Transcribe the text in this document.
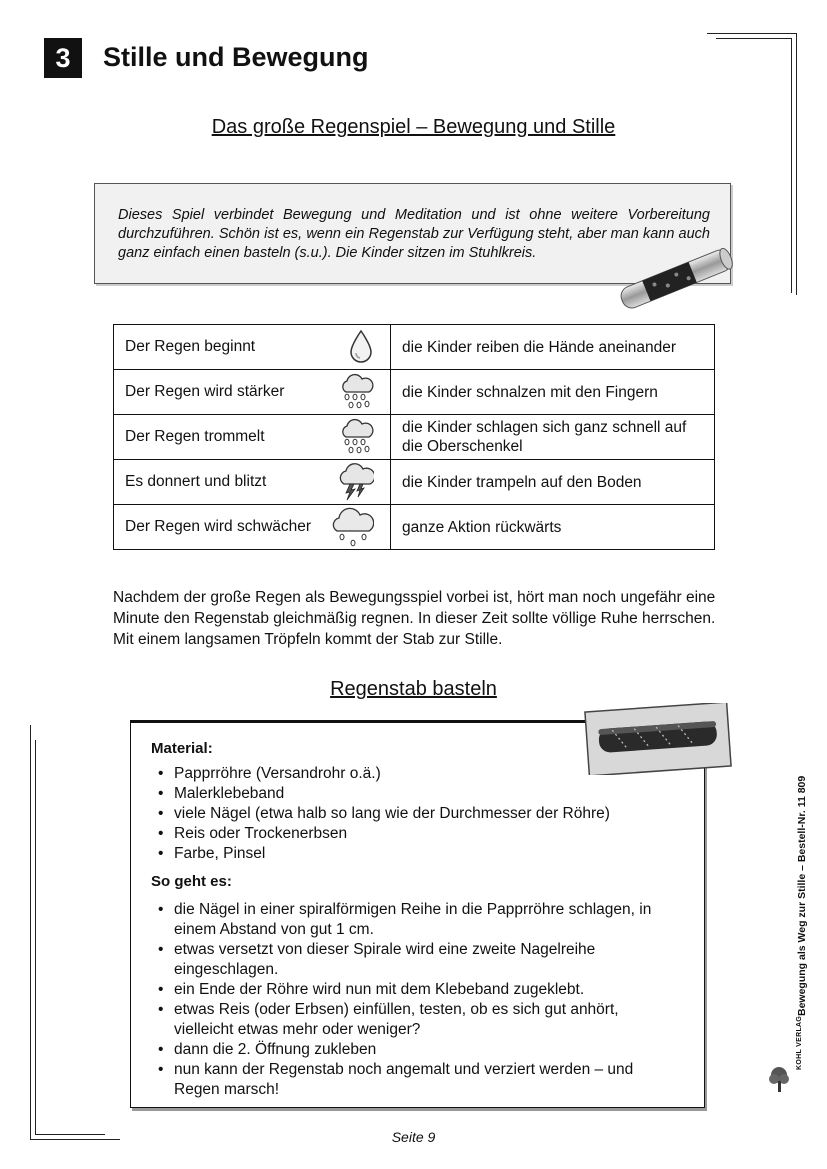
3	Stille und Bewegung
Das große Regenspiel – Bewegung und Stille
Dieses Spiel verbindet Bewegung und Meditation und ist ohne weitere Vorbereitung durchzuführen. Schön ist es, wenn ein Regenstab zur Verfügung steht, aber man kann auch ganz einfach einen basteln (s.u.). Die Kinder sitzen im Stuhlkreis.
Der Regen beginnt	die Kinder reiben die Hände aneinander
Der Regen wird stärker	die Kinder schnalzen mit den Fingern
Der Regen trommelt	die Kinder schlagen sich ganz schnell auf die Oberschenkel
Es donnert und blitzt	die Kinder trampeln auf den Boden
Der Regen wird schwächer	ganze Aktion rückwärts
Nachdem der große Regen als Bewegungsspiel vorbei ist, hört man noch ungefähr eine Minute den Regenstab gleichmäßig regnen. In dieser Zeit sollte völlige Ruhe herrschen. Mit einem langsamen Tröpfeln kommt der Stab zur Stille.
Regenstab basteln
Material:
• Papprröhre (Versandrohr o.ä.)
• Malerklebeband
• viele Nägel (etwa halb so lang wie der Durchmesser der Röhre)
• Reis oder Trockenerbsen
• Farbe, Pinsel
So geht es:
• die Nägel in einer spiralförmigen Reihe in die Papprröhre schlagen, in einem Abstand von gut 1 cm.
• etwas versetzt von dieser Spirale wird eine zweite Nagelreihe eingeschlagen.
• ein Ende der Röhre wird nun mit dem Klebeband zugeklebt.
• etwas Reis (oder Erbsen) einfüllen, testen, ob es sich gut anhört, vielleicht etwas mehr oder weniger?
• dann die 2. Öffnung zukleben
• nun kann der Regenstab noch angemalt und verziert werden – und Regen marsch!
Bewegung als Weg zur Stille – Bestell-Nr. 11 809
KOHL VERLAG
Seite 9
